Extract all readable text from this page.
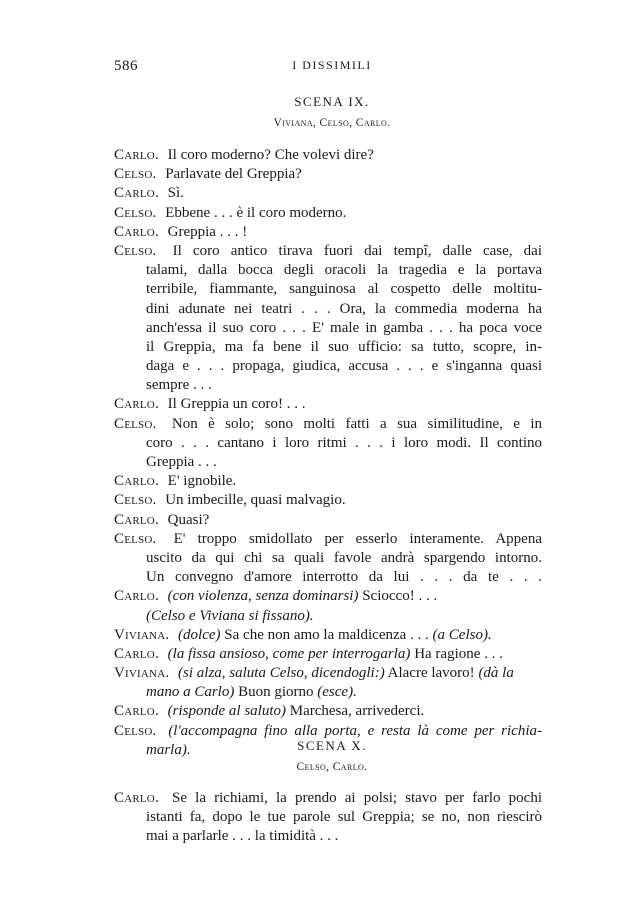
586	I DISSIMILI
SCENA IX.
Viviana, Celso, Carlo.
Carlo. Il coro moderno? Che volevi dire?
Celso. Parlavate del Greppia?
Carlo. Sì.
Celso. Ebbene . . . è il coro moderno.
Carlo. Greppia . . . !
Celso. Il coro antico tirava fuori dai tempî, dalle case, dai
talami, dalla bocca degli oracoli la tragedia e la portava
terribile, fiammante, sanguinosa al cospetto delle moltitu-
dini adunate nei teatri . . . Ora, la commedia moderna ha
anch'essa il suo coro . . . E' male in gamba . . . ha poca voce
il Greppia, ma fa bene il suo ufficio: sa tutto, scopre, in-
daga e . . . propaga, giudica, accusa . . . e s'inganna quasi
sempre . . .
Carlo. Il Greppia un coro! . . .
Celso. Non è solo; sono molti fatti a sua similitudine, e in
coro . . . cantano i loro ritmi . . . i loro modi. Il contino
Greppia . . .
Carlo. E' ignobile.
Celso. Un imbecille, quasi malvagio.
Carlo. Quasi?
Celso. E' troppo smidollato per esserlo interamente. Appena
uscito da qui chi sa quali favole andrà spargendo intorno.
Un convegno d'amore interrotto da lui . . . da te . . .
Carlo. (con violenza, senza dominarsi) Sciocco! . . .
(Celso e Viviana si fissano).
Viviana. (dolce) Sa che non amo la maldicenza . . . (a Celso).
Carlo. (la fissa ansioso, come per interrogarla) Ha ragione . . .
Viviana. (si alza, saluta Celso, dicendogli:) Alacre lavoro! (dà la
mano a Carlo) Buon giorno (esce).
Carlo. (risponde al saluto) Marchesa, arrivederci.
Celso. (l'accompagna fino alla porta, e resta là come per richia-
marla).	SCENA X.
Celso, Carlo.
Carlo. Se la richiami, la prendo ai polsi; stavo per farlo pochi
istanti fa, dopo le tue parole sul Greppia; se no, non riescirò
mai a parlarle . . . la timidità . . .
